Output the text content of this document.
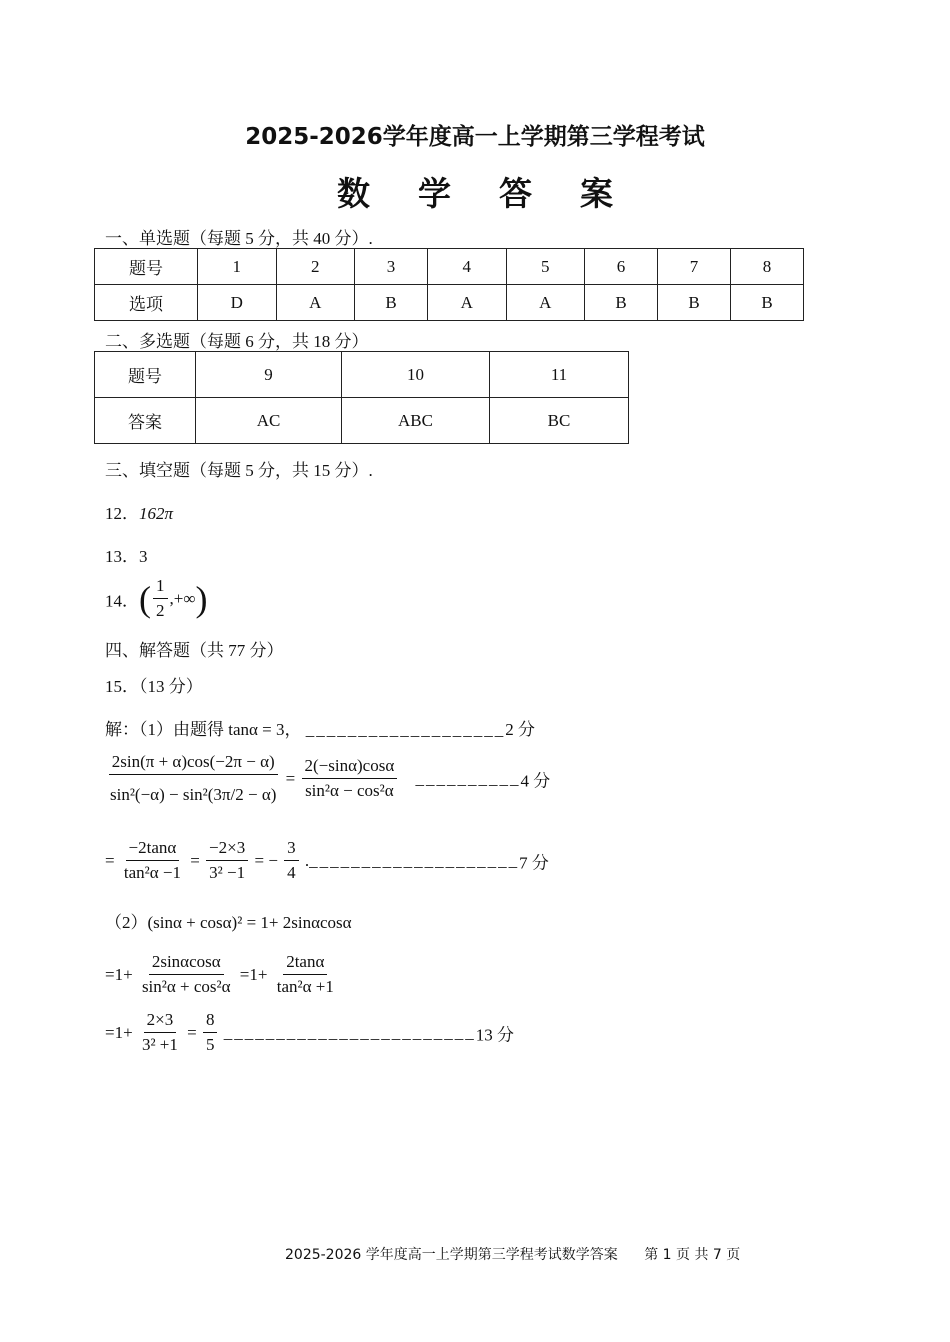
2025-2026学年度高一上学期第三学程考试
数学答案
一、单选题（每题 5 分，共 40 分）.
题号	1	2	3	4	5	6	7	8
选项	D	A	B	A	A	B	B	B
二、多选题（每题 6 分，共 18 分）
题号	9	10	11
答案	AC	ABC	BC
三、填空题（每题 5 分，共 15 分）.
12．162π
13．3
14．( $\frac{1}{2}$ ,+∞)
四、解答题（共 77 分）
15．（13 分）
解：（1）由题得 tanα = 3， ___________________2 分
$\frac{2\sin(\pi + \alpha)\cos(-2\pi - \alpha)}{\text{sin²(−α) − sin²(3π/2 − α)}} = \frac{2(-\sin\alpha)\cos\alpha}{\text{sin²α − cos²α}}$ __________4 分
= $\frac{-2\tan\alpha}{\text{tan²α −1}} = \frac{-2\times 3}{\text{3² −1}}$ = − $\frac{3}{4}$ .____________________7 分
（2）(sinα + cosα)² = 1+ 2sinαcosα
$=1+ \frac{2\sin\alpha\cos\alpha}{\text{sin²α + cos²α}} =1+ \frac{2\tan\alpha}{\text{tan²α +1}}$
$=1+ \frac{2\times 3}{\text{3² +1}} = \frac{8}{5}$ ________________________13 分
2025-2026 学年度高一上学期第三学程考试数学答案 第 1 页 共 7 页
